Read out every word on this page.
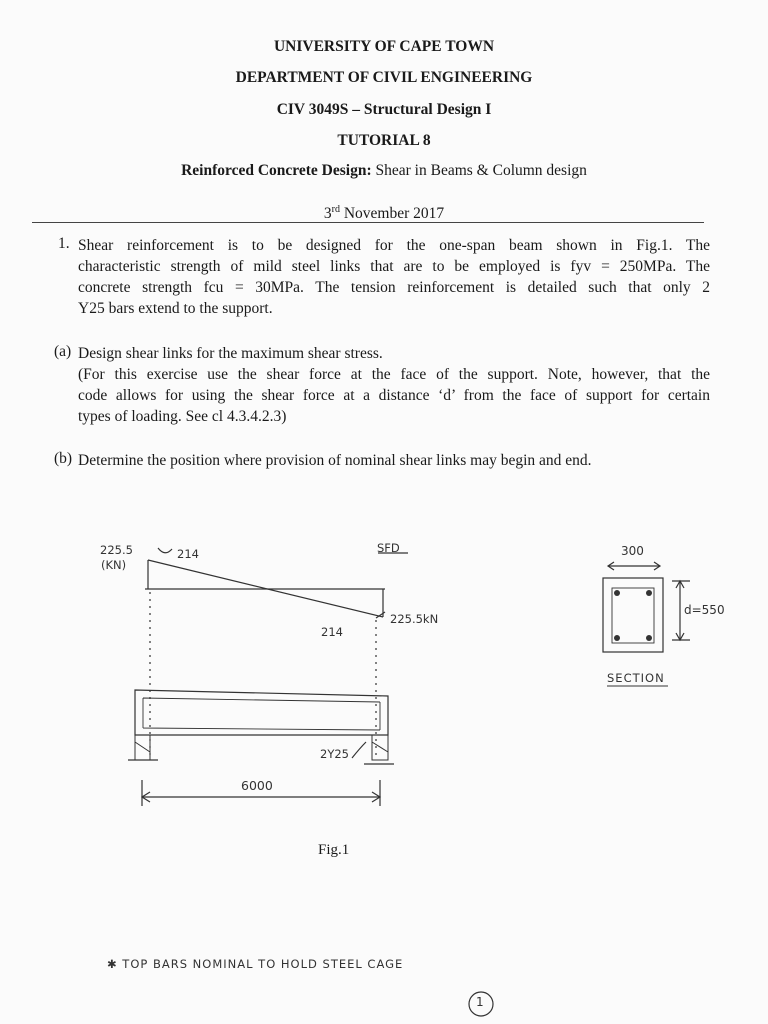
UNIVERSITY OF CAPE TOWN
DEPARTMENT OF CIVIL ENGINEERING
CIV 3049S – Structural Design I
TUTORIAL 8
Reinforced Concrete Design: Shear in Beams & Column design
3rd November 2017
1. Shear reinforcement is to be designed for the one-span beam shown in Fig.1. The
characteristic strength of mild steel links that are to be employed is fyv = 250MPa. The
concrete strength fcu = 30MPa. The tension reinforcement is detailed such that only 2
Y25 bars extend to the support.
(a) Design shear links for the maximum shear stress.
(For this exercise use the shear force at the face of the support. Note, however, that the
code allows for using the shear force at a distance ‘d’ from the face of support for certain
types of loading. See cl 4.3.4.2.3)
(b) Determine the position where provision of nominal shear links may begin and end.
225.5
(KN)
214	SFD
214
225.5kN
2Y25
6000
300
d=550
SECTION
Fig.1
✱ TOP BARS NOMINAL TO HOLD STEEL CAGE
1
